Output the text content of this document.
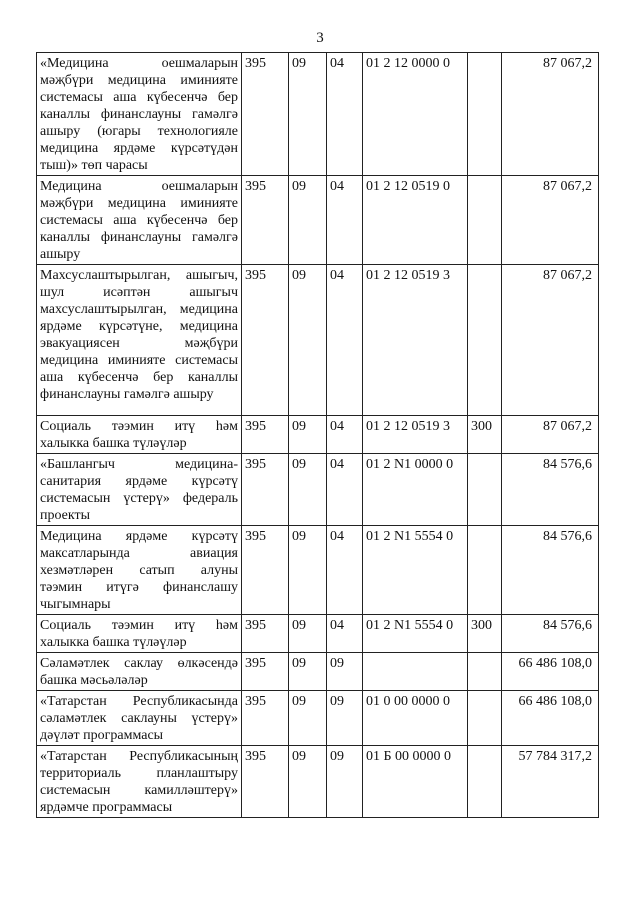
3
«Медицина оешмаларын мәҗбүри медицина иминияте системасы аша күбесенчә бер каналлы финанслауны гамәлгә ашыру (югары технологияле медицина ярдәме күрсәтүдән тыш)» төп чарасы	395	09	04	01 2 12 0000 0		87 067,2
Медицина оешмаларын мәҗбүри медицина иминияте системасы аша күбесенчә бер каналлы финанслауны гамәлгә ашыру	395	09	04	01 2 12 0519 0		87 067,2
Махсуслаштырылган, ашыгыч, шул исәптән ашыгыч махсуслаштырылган, медицина ярдәме күрсәтүне, медицина эвакуациясен мәҗбүри медицина иминияте системасы аша күбесенчә бер каналлы финанслауны гамәлгә ашыру	395	09	04	01 2 12 0519 3		87 067,2
Социаль тәэмин итү һәм халыкка башка түләүләр	395	09	04	01 2 12 0519 3	300	87 067,2
«Башлангыч медицина-санитария ярдәме күрсәтү системасын үстерү» федераль проекты	395	09	04	01 2 N1 0000 0		84 576,6
Медицина ярдәме күрсәтү максатларында авиация хезмәтләрен сатып алуны тәэмин итүгә финанслашу чыгымнары	395	09	04	01 2 N1 5554 0		84 576,6
Социаль тәэмин итү һәм халыкка башка түләүләр	395	09	04	01 2 N1 5554 0	300	84 576,6
Сәламәтлек саклау өлкәсендә башка мәсьәләләр	395	09	09			66 486 108,0
«Татарстан Республикасында сәламәтлек саклауны үстерү» дәүләт программасы	395	09	09	01 0 00 0000 0		66 486 108,0
«Татарстан Республикасының территориаль планлаштыру системасын камилләштерү» ярдәмче программасы	395	09	09	01 Б 00 0000 0		57 784 317,2
